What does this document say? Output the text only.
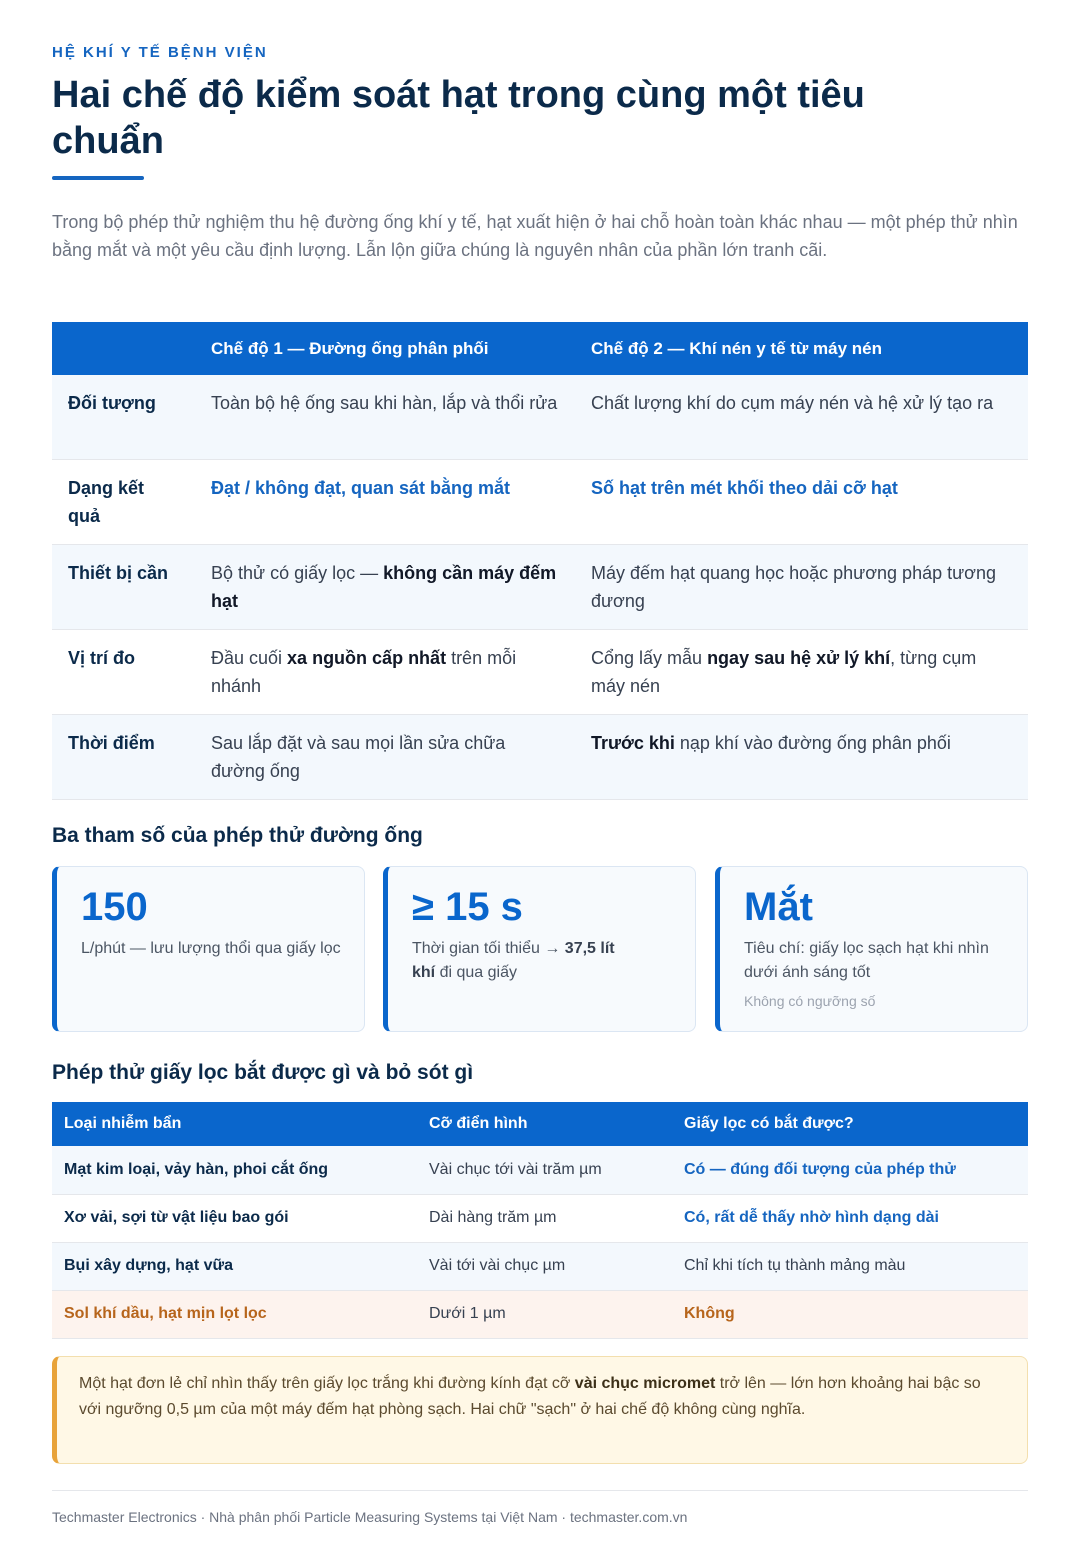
HỆ KHÍ Y TẾ BỆNH VIỆN
Hai chế độ kiểm soát hạt trong cùng một tiêu chuẩn

Trong bộ phép thử nghiệm thu hệ đường ống khí y tế, hạt xuất hiện ở hai chỗ hoàn toàn khác nhau — một phép thử nhìn bằng mắt và một yêu cầu định lượng. Lẫn lộn giữa chúng là nguyên nhân của phần lớn tranh cãi.

	Chế độ 1 — Đường ống phân phối	Chế độ 2 — Khí nén y tế từ máy nén
Đối tượng	Toàn bộ hệ ống sau khi hàn, lắp và thổi rửa	Chất lượng khí do cụm máy nén và hệ xử lý tạo ra
Dạng kết quả	Đạt / không đạt, quan sát bằng mắt	Số hạt trên mét khối theo dải cỡ hạt
Thiết bị cần	Bộ thử có giấy lọc — không cần máy đếm hạt	Máy đếm hạt quang học hoặc phương pháp tương đương
Vị trí đo	Đầu cuối xa nguồn cấp nhất trên mỗi nhánh	Cổng lấy mẫu ngay sau hệ xử lý khí, từng cụm máy nén
Thời điểm	Sau lắp đặt và sau mọi lần sửa chữa đường ống	Trước khi nạp khí vào đường ống phân phối
Ba tham số của phép thử đường ống
150
L/phút — lưu lượng thổi qua giấy lọc
≥ 15 s
Thời gian tối thiểu → 37,5 lít
khí đi qua giấy
Mắt
Tiêu chí: giấy lọc sạch hạt khi nhìn dưới ánh sáng tốt
Không có ngưỡng số
Phép thử giấy lọc bắt được gì và bỏ sót gì
Loại nhiễm bẩn	Cỡ điển hình	Giấy lọc có bắt được?
Mạt kim loại, vảy hàn, phoi cắt ống	Vài chục tới vài trăm µm	Có — đúng đối tượng của phép thử
Xơ vải, sợi từ vật liệu bao gói	Dài hàng trăm µm	Có, rất dễ thấy nhờ hình dạng dài
Bụi xây dựng, hạt vữa	Vài tới vài chục µm	Chỉ khi tích tụ thành mảng màu
Sol khí dầu, hạt mịn lọt lọc	Dưới 1 µm	Không
Một hạt đơn lẻ chỉ nhìn thấy trên giấy lọc trắng khi đường kính đạt cỡ vài chục micromet trở lên — lớn hơn khoảng hai bậc so với ngưỡng 0,5 µm của một máy đếm hạt phòng sạch. Hai chữ "sạch" ở hai chế độ không cùng nghĩa.
Techmaster Electronics · Nhà phân phối Particle Measuring Systems tại Việt Nam · techmaster.com.vn
